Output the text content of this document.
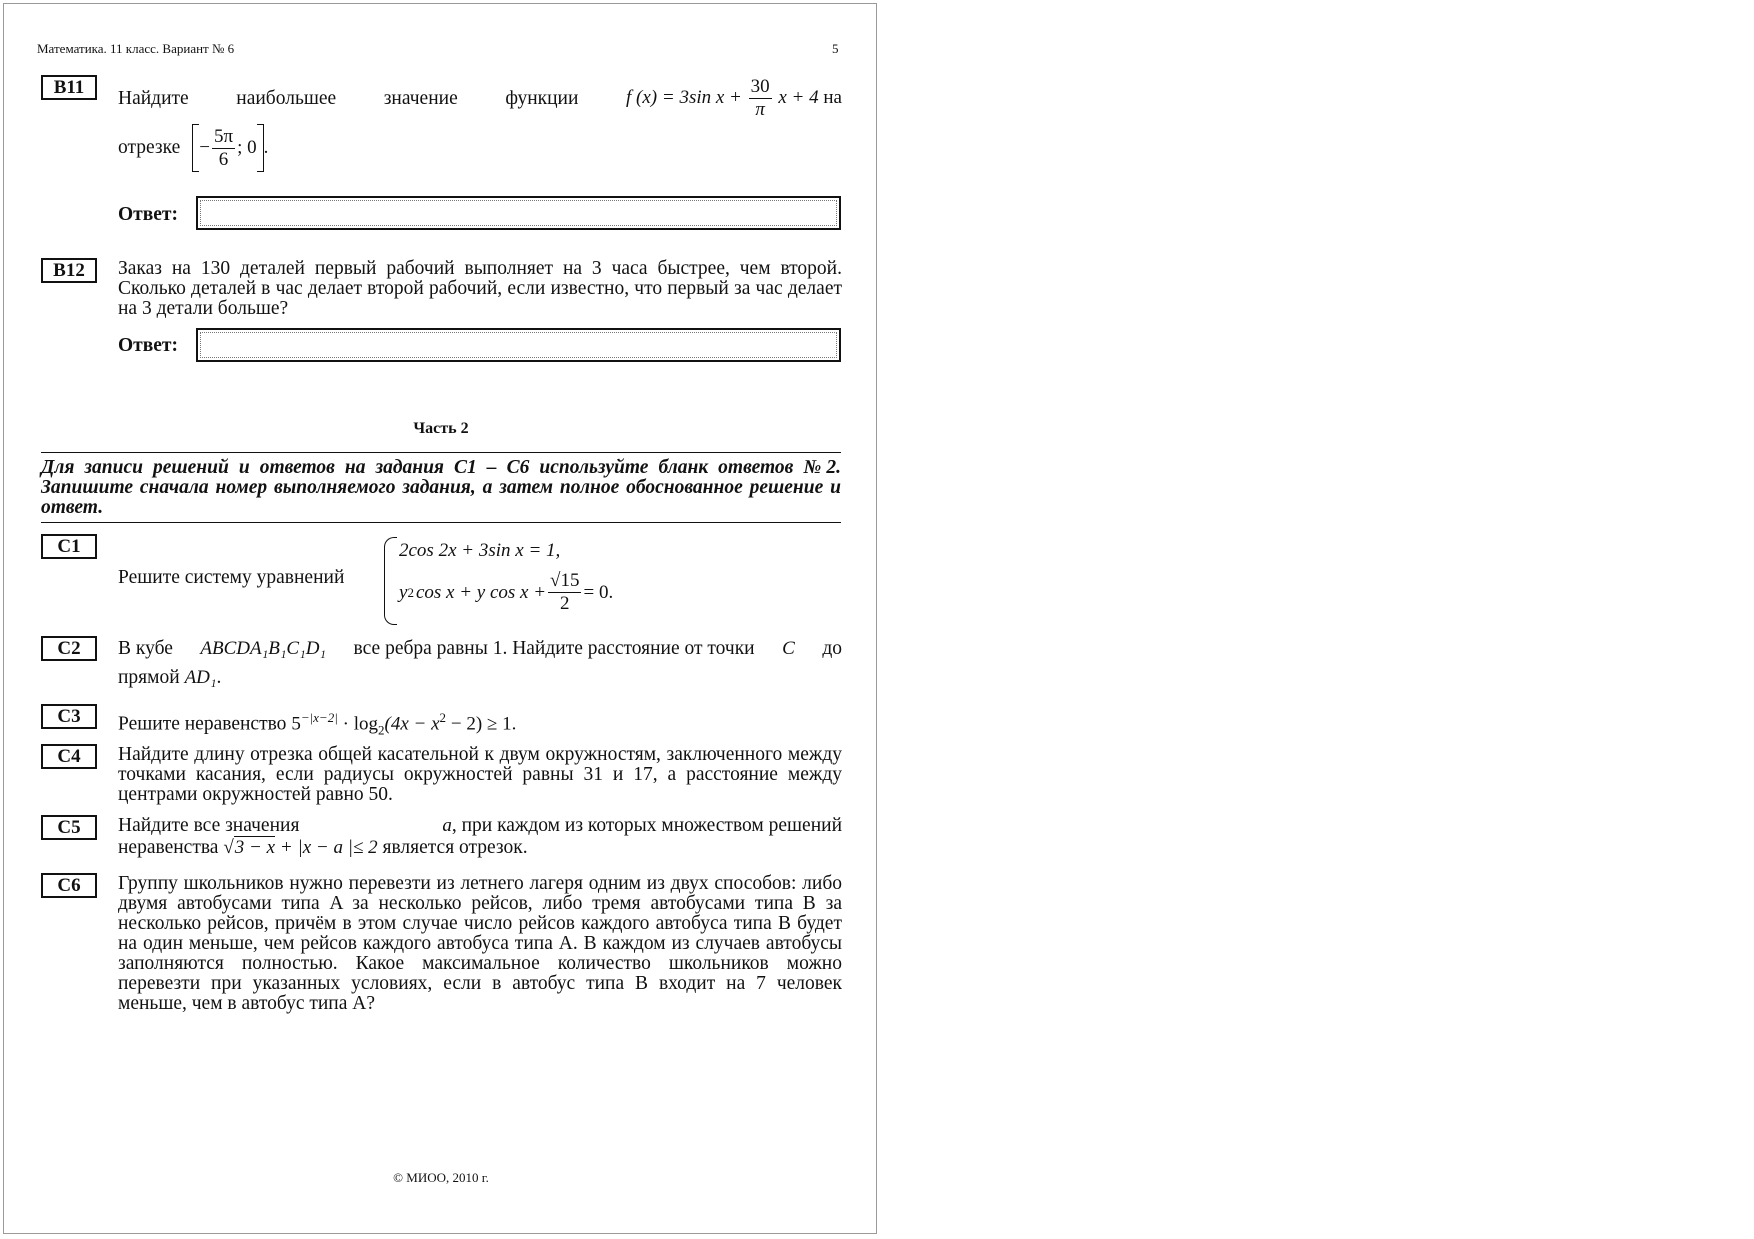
Математика. 11 класс. Вариант № 6	5
B11	Найдите наибольшее значение функции	f (x) = 3sin $x + \frac{30}{\pi}$ x + 4 на
отрезке − $\frac{5\pi}{6}$ ; 0 .
Ответ:
B12	Заказ на 130 деталей первый рабочий выполняет на 3 часа быстрее, чем второй. Сколько деталей в час делает второй рабочий, если известно, что первый за час делает на 3 детали больше?
Ответ:
Часть 2
Для записи решений и ответов на задания С1 – С6 используйте бланк ответов №2. Запишите сначала номер выполняемого задания, а затем полное обоснованное решение и ответ.
C1
Решите систему уравнений
2cos 2x + 3sin x = 1,
y 2 cos x + y $\cos x + \frac{√15}{2} = 0$.
C2	В кубе ABCDA₁B₁C₁D₁ все ребра равны 1. Найдите расстояние от точки C до
прямой AD₁.
C3	Решите неравенство $5^{-|x-2|} \cdot \log_2(4x - x^2 - 2) \ge 1$.
C4	Найдите длину отрезка общей касательной к двум окружностям, заключенного между точками касания, если радиусы окружностей равны 31 и 17, а расстояние между центрами окружностей равно 50.
C5	Найдите все значения	a, при каждом из которых множеством решений
неравенства √3 − x + |x − a |≤ 2 является отрезок.
C6	Группу школьников нужно перевезти из летнего лагеря одним из двух способов: либо двумя автобусами типа A за несколько рейсов, либо тремя автобусами типа B за несколько рейсов, причём в этом случае число рейсов каждого автобуса типа B будет на один меньше, чем рейсов каждого автобуса типа A. В каждом из случаев автобусы заполняются полностью. Какое максимальное количество школьников можно перевезти при указанных условиях, если в автобус типа B входит на 7 человек меньше, чем в автобус типа A?
© МИОО, 2010 г.
